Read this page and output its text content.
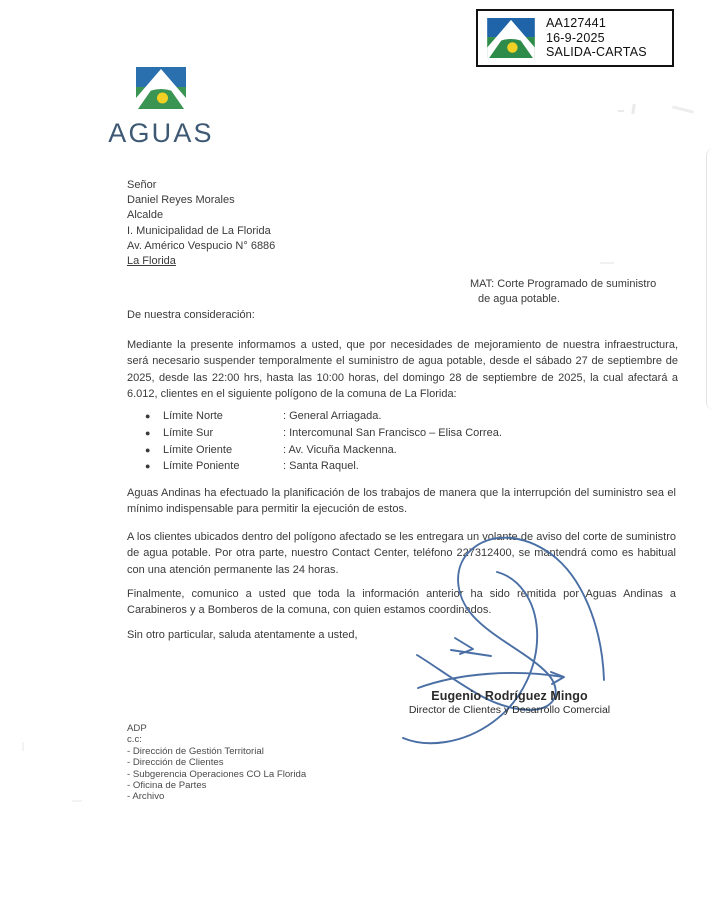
AA127441
16-9-2025
SALIDA-CARTAS
AGUAS
Señor
Daniel Reyes Morales
Alcalde
I. Municipalidad de La Florida
Av. Américo Vespucio N° 6886
La Florida
MAT: Corte Programado de suministro
de agua potable.
De nuestra consideración:
Mediante la presente informamos a usted, que por necesidades de mejoramiento de nuestra infraestructura, será necesario suspender temporalmente el suministro de agua potable, desde el sábado 27 de septiembre de 2025, desde las 22:00 hrs, hasta las 10:00 horas, del domingo 28 de septiembre de 2025, la cual afectará a 6.012, clientes en el siguiente polígono de la comuna de La Florida:
●	Límite Norte	: General Arriagada.
●	Límite Sur	: Intercomunal San Francisco – Elisa Correa.
●	Límite Oriente	: Av. Vicuña Mackenna.
●	Límite Poniente	: Santa Raquel.
Aguas Andinas ha efectuado la planificación de los trabajos de manera que la interrupción del suministro sea el mínimo indispensable para permitir la ejecución de estos.
A los clientes ubicados dentro del polígono afectado se les entregara un volante de aviso del corte de suministro de agua potable. Por otra parte, nuestro Contact Center, teléfono 227312400, se mantendrá como es habitual con una atención permanente las 24 horas.
Finalmente, comunico a usted que toda la información anterior ha sido remitida por Aguas Andinas a Carabineros y a Bomberos de la comuna, con quien estamos coordinados.
Sin otro particular, saluda atentamente a usted,
Eugenio Rodríguez Mingo
Director de Clientes y Desarrollo Comercial
ADP
c.c:
- Dirección de Gestión Territorial
- Dirección de Clientes
- Subgerencia Operaciones CO La Florida
- Oficina de Partes
- Archivo
